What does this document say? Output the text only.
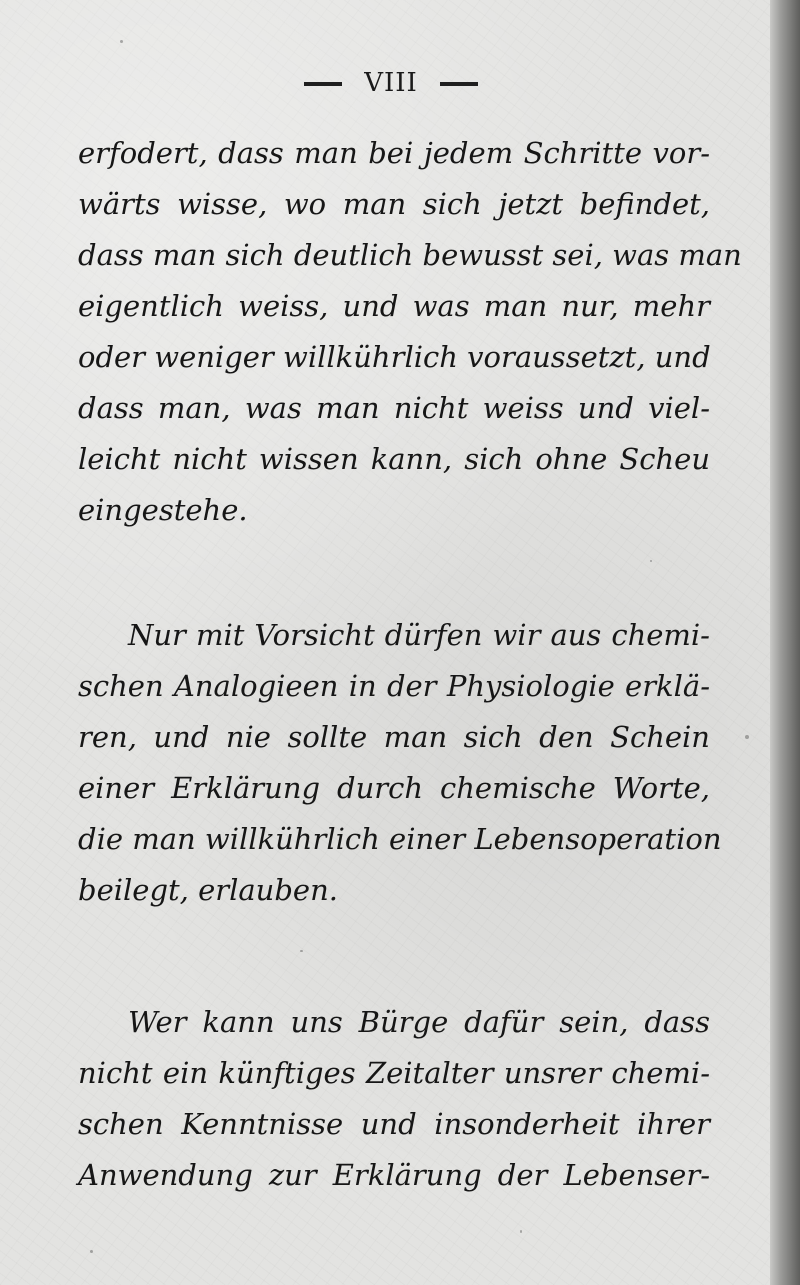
VIII
erfodert, dass man bei jedem Schritte vor-
wärts wisse, wo man sich jetzt befindet,
dass man sich deutlich bewusst sei, was man
eigentlich weiss, und was man nur, mehr
oder weniger willkührlich voraussetzt, und
dass man, was man nicht weiss und viel-
leicht nicht wissen kann, sich ohne Scheu
eingestehe.
Nur mit Vorsicht dürfen wir aus chemi-
schen Analogieen in der Physiologie erklä-
ren, und nie sollte man sich den Schein
einer Erklärung durch chemische Worte,
die man willkührlich einer Lebensoperation
beilegt, erlauben.
Wer kann uns Bürge dafür sein, dass
nicht ein künftiges Zeitalter unsrer chemi-
schen Kenntnisse und insonderheit ihrer
Anwendung zur Erklärung der Lebenser-
